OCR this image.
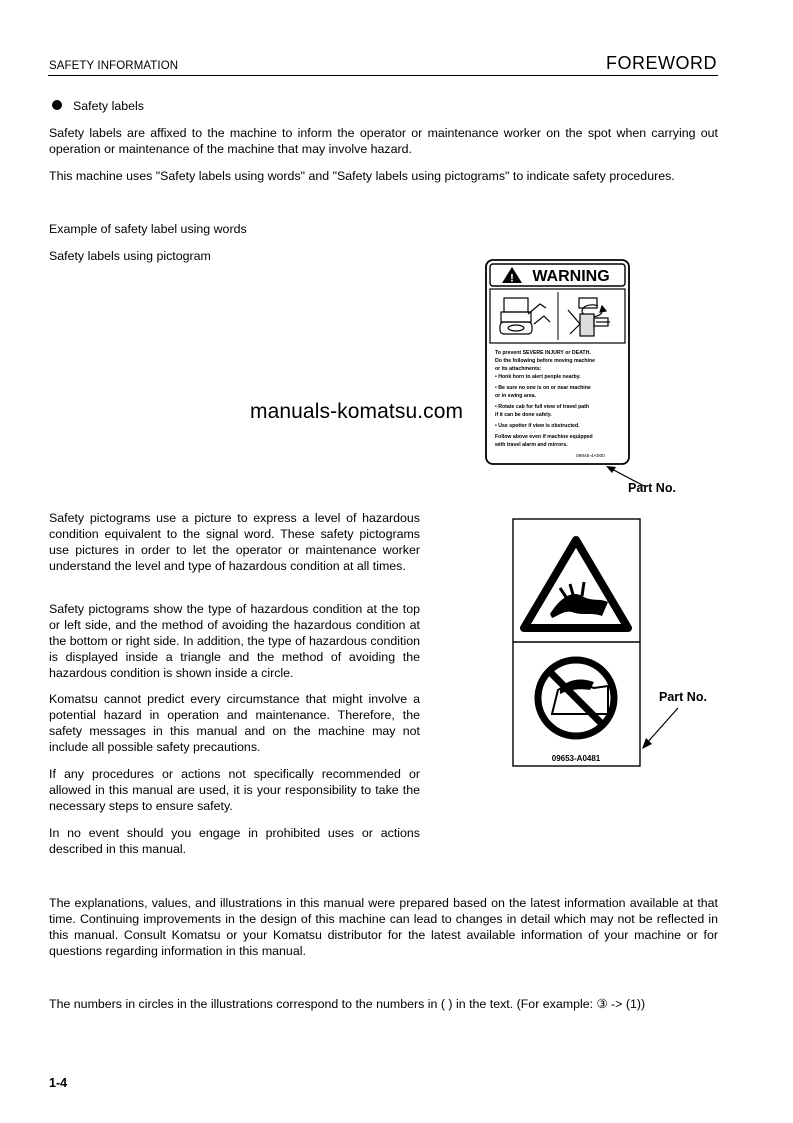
SAFETY INFORMATION	FOREWORD
Safety labels
Safety labels are affixed to the machine to inform the operator or maintenance worker on the spot when carrying out operation or maintenance of the machine that may involve hazard.
This machine uses "Safety labels using words" and "Safety labels using pictograms" to indicate safety procedures.
Example of safety label using words
Safety labels using pictogram
manuals-komatsu.com
! WARNING
To prevent SEVERE INJURY or DEATH.
Do the following before moving machine
or its attachments:
• Honk horn to alert people nearby.
• Be sure no one is on or near machine
or in swing area.
• Rotate cab for full view of travel path
if it can be done safely.
• Use spotter if view is obstructed.
Follow above even if machine equipped
with travel alarm and mirrors.
09845-4A000
Part No.
Safety pictograms use a picture to express a level of hazardous condition equivalent to the signal word. These safety pictograms use pictures in order to let the operator or maintenance worker understand the level and type of hazardous condition at all times.
Safety pictograms show the type of hazardous condition at the top or left side, and the method of avoiding the hazardous condition at the bottom or right side. In addition, the type of hazardous condition is displayed inside a triangle and the method of avoiding the hazardous condition is shown inside a circle.
Komatsu cannot predict every circumstance that might involve a potential hazard in operation and maintenance. Therefore, the safety messages in this manual and on the machine may not include all possible safety precautions.
If any procedures or actions not specifically recommended or allowed in this manual are used, it is your responsibility to take the necessary steps to ensure safety.
In no event should you engage in prohibited uses or actions described in this manual.
09653-A0481
Part No.
The explanations, values, and illustrations in this manual were prepared based on the latest information available at that time. Continuing improvements in the design of this machine can lead to changes in detail which may not be reflected in this manual. Consult Komatsu or your Komatsu distributor for the latest available information of your machine or for questions regarding information in this manual.
The numbers in circles in the illustrations correspond to the numbers in ( ) in the text. (For example: ③ -> (1))
1-4
